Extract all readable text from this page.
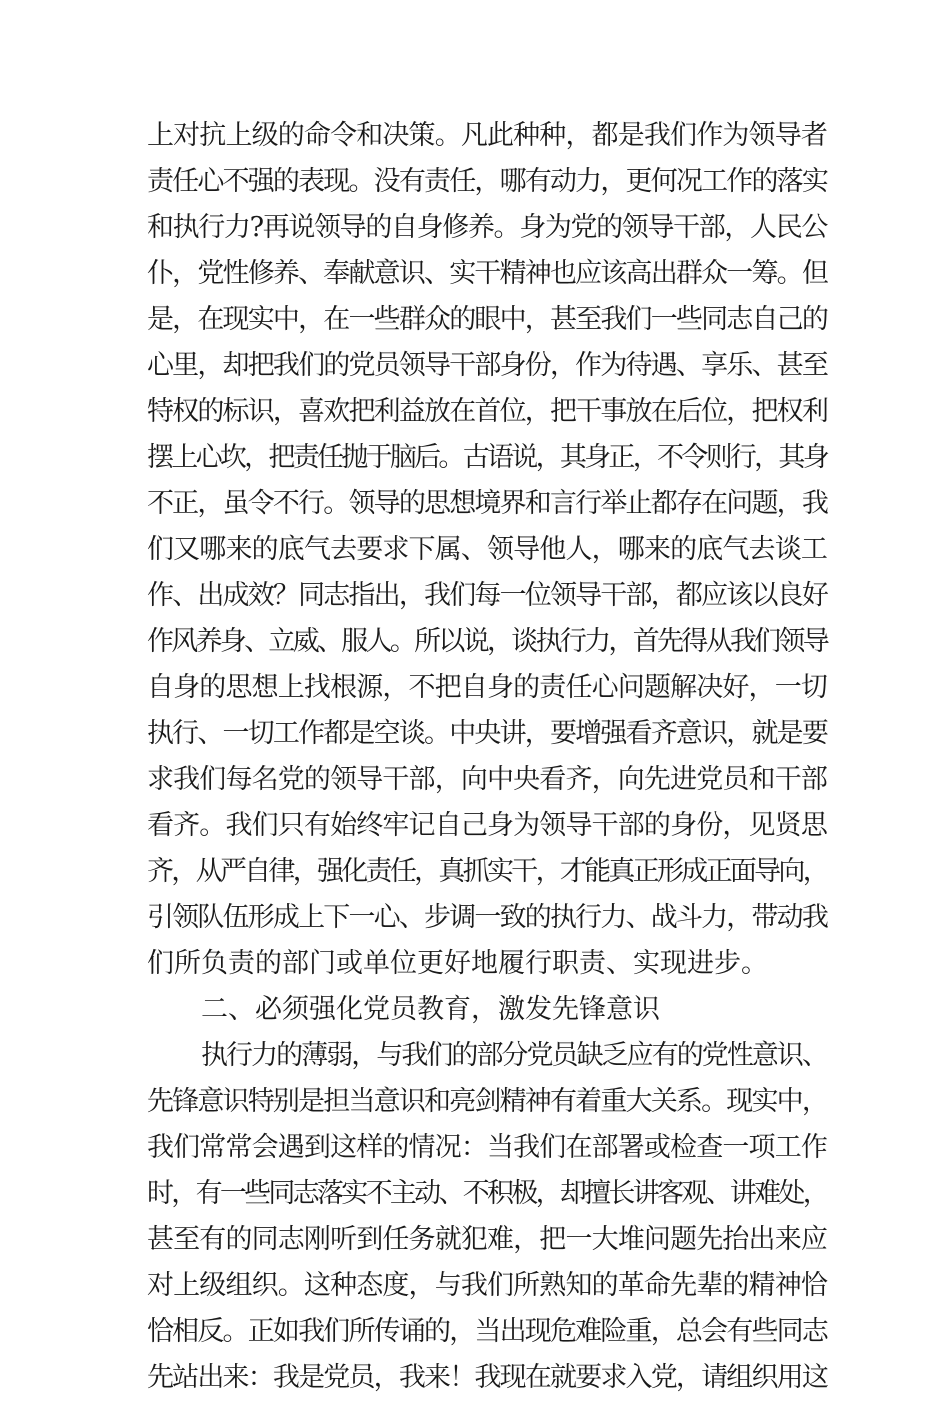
上对抗上级的命令和决策。凡此种种，都是我们作为领导者
责任心不强的表现。没有责任，哪有动力，更何况工作的落实
和执行力?再说领导的自身修养。身为党的领导干部，人民公
仆，党性修养、奉献意识、实干精神也应该高出群众一筹。但
是，在现实中，在一些群众的眼中，甚至我们一些同志自己的
心里，却把我们的党员领导干部身份，作为待遇、享乐、甚至
特权的标识，喜欢把利益放在首位，把干事放在后位，把权利
摆上心坎，把责任抛于脑后。古语说，其身正，不令则行，其身
不正，虽令不行。领导的思想境界和言行举止都存在问题，我
们又哪来的底气去要求下属、领导他人，哪来的底气去谈工
作、出成效？同志指出，我们每一位领导干部，都应该以良好
作风养身、立威、服人。所以说，谈执行力，首先得从我们领导
自身的思想上找根源，不把自身的责任心问题解决好，一切
执行、一切工作都是空谈。中央讲，要增强看齐意识，就是要
求我们每名党的领导干部，向中央看齐，向先进党员和干部
看齐。我们只有始终牢记自己身为领导干部的身份，见贤思
齐，从严自律，强化责任，真抓实干，才能真正形成正面导向，
引领队伍形成上下一心、步调一致的执行力、战斗力，带动我
们所负责的部门或单位更好地履行职责、实现进步。
二、必须强化党员教育，激发先锋意识
执行力的薄弱，与我们的部分党员缺乏应有的党性意识、
先锋意识特别是担当意识和亮剑精神有着重大关系。现实中，
我们常常会遇到这样的情况：当我们在部署或检查一项工作
时，有一些同志落实不主动、不积极，却擅长讲客观、讲难处，
甚至有的同志刚听到任务就犯难，把一大堆问题先抬出来应
对上级组织。这种态度，与我们所熟知的革命先辈的精神恰
恰相反。正如我们所传诵的，当出现危难险重，总会有些同志
先站出来：我是党员，我来！我现在就要求入党，请组织用这
